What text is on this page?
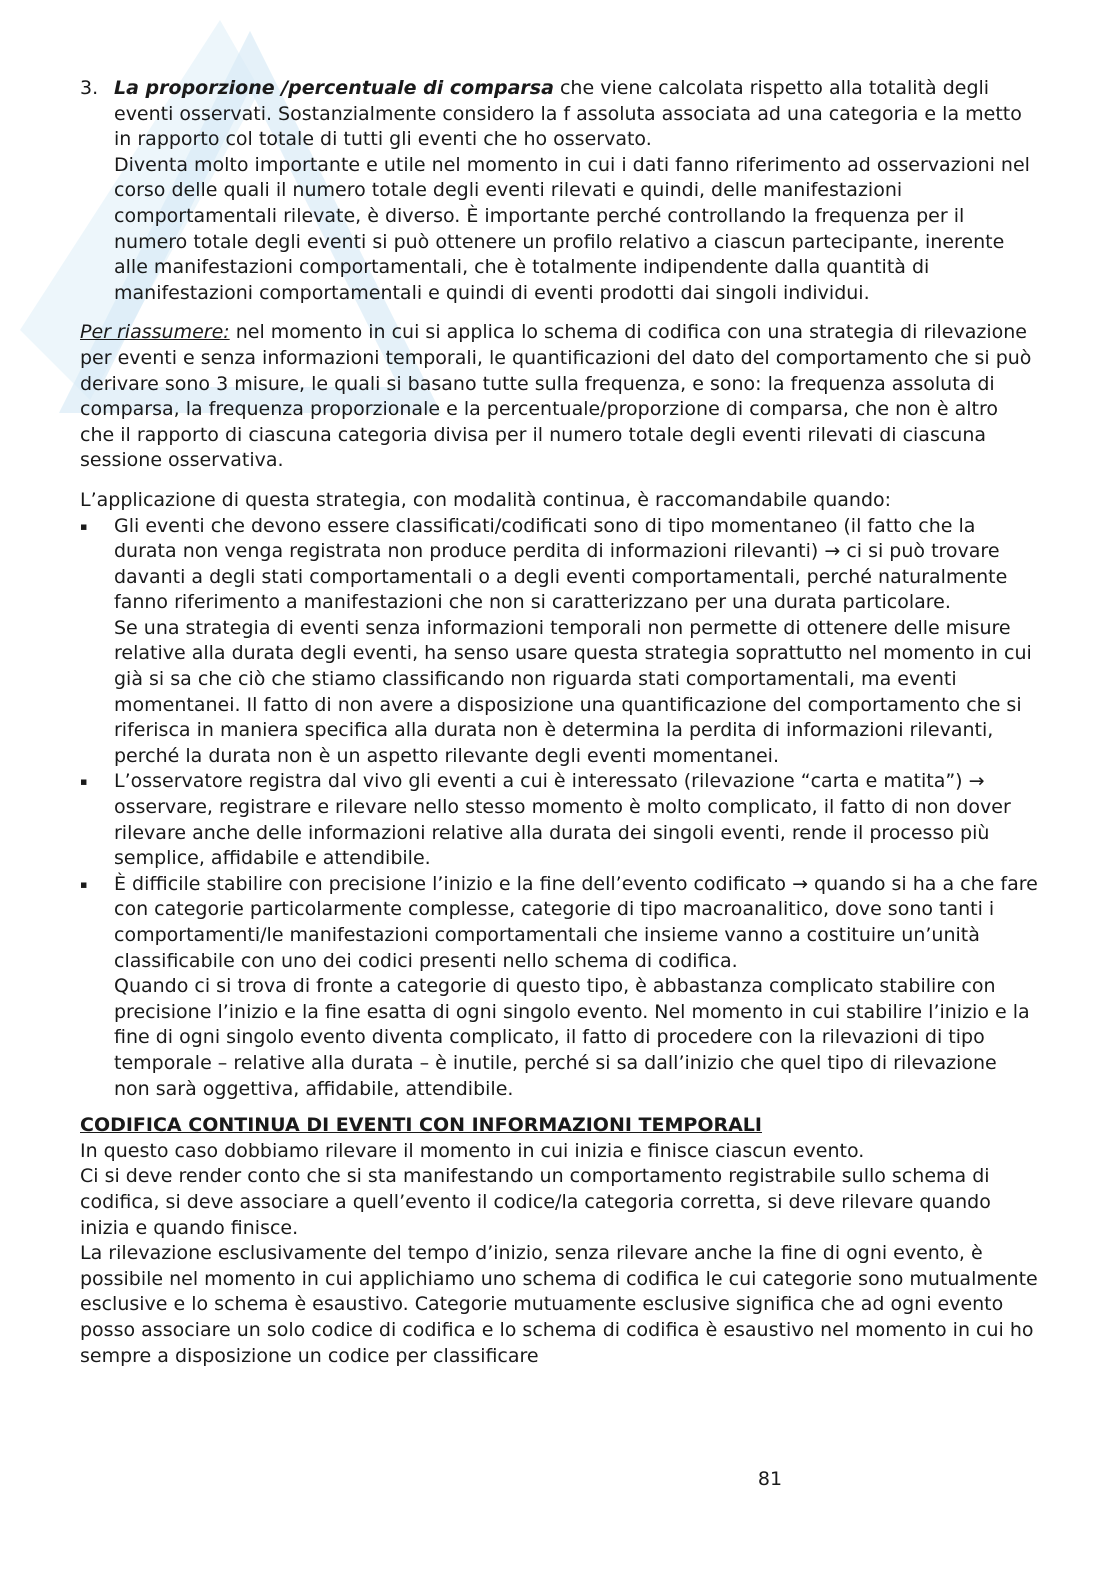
3. La proporzione /percentuale di comparsa che viene calcolata rispetto alla totalità degli eventi osservati. Sostanzialmente considero la f assoluta associata ad una categoria e la metto in rapporto col totale di tutti gli eventi che ho osservato.

Diventa molto importante e utile nel momento in cui i dati fanno riferimento ad osservazioni nel corso delle quali il numero totale degli eventi rilevati e quindi, delle manifestazioni comportamentali rilevate, è diverso. È importante perché controllando la frequenza per il numero totale degli eventi si può ottenere un profilo relativo a ciascun partecipante, inerente alle manifestazioni comportamentali, che è totalmente indipendente dalla quantità di manifestazioni comportamentali e quindi di eventi prodotti dai singoli individui.

Per riassumere: nel momento in cui si applica lo schema di codifica con una strategia di rilevazione per eventi e senza informazioni temporali, le quantificazioni del dato del comportamento che si può derivare sono 3 misure, le quali si basano tutte sulla frequenza, e sono: la frequenza assoluta di comparsa, la frequenza proporzionale e la percentuale/proporzione di comparsa, che non è altro che il rapporto di ciascuna categoria divisa per il numero totale degli eventi rilevati di ciascuna sessione osservativa.

L’applicazione di questa strategia, con modalità continua, è raccomandabile quando:

▪	Gli eventi che devono essere classificati/codificati sono di tipo momentaneo (il fatto che la durata non venga registrata non produce perdita di informazioni rilevanti) → ci si può trovare davanti a degli stati comportamentali o a degli eventi comportamentali, perché naturalmente fanno riferimento a manifestazioni che non si caratterizzano per una durata particolare.

Se una strategia di eventi senza informazioni temporali non permette di ottenere delle misure relative alla durata degli eventi, ha senso usare questa strategia soprattutto nel momento in cui già si sa che ciò che stiamo classificando non riguarda stati comportamentali, ma eventi momentanei. Il fatto di non avere a disposizione una quantificazione del comportamento che si riferisca in maniera specifica alla durata non è determina la perdita di informazioni rilevanti, perché la durata non è un aspetto rilevante degli eventi momentanei.

▪	L’osservatore registra dal vivo gli eventi a cui è interessato (rilevazione “carta e matita”) → osservare, registrare e rilevare nello stesso momento è molto complicato, il fatto di non dover rilevare anche delle informazioni relative alla durata dei singoli eventi, rende il processo più semplice, affidabile e attendibile.

▪	È difficile stabilire con precisione l’inizio e la fine dell’evento codificato → quando si ha a che fare con categorie particolarmente complesse, categorie di tipo macroanalitico, dove sono tanti i comportamenti/le manifestazioni comportamentali che insieme vanno a costituire un’unità classificabile con uno dei codici presenti nello schema di codifica.

Quando ci si trova di fronte a categorie di questo tipo, è abbastanza complicato stabilire con precisione l’inizio e la fine esatta di ogni singolo evento. Nel momento in cui stabilire l’inizio e la fine di ogni singolo evento diventa complicato, il fatto di procedere con la rilevazioni di tipo temporale – relative alla durata – è inutile, perché si sa dall’inizio che quel tipo di rilevazione non sarà oggettiva, affidabile, attendibile.

CODIFICA CONTINUA DI EVENTI CON INFORMAZIONI TEMPORALI

In questo caso dobbiamo rilevare il momento in cui inizia e finisce ciascun evento.

Ci si deve render conto che si sta manifestando un comportamento registrabile sullo schema di codifica, si deve associare a quell’evento il codice/la categoria corretta, si deve rilevare quando inizia e quando finisce.

La rilevazione esclusivamente del tempo d’inizio, senza rilevare anche la fine di ogni evento, è possibile nel momento in cui applichiamo uno schema di codifica le cui categorie sono mutualmente esclusive e lo schema è esaustivo. Categorie mutuamente esclusive significa che ad ogni evento posso associare un solo codice di codifica e lo schema di codifica è esaustivo nel momento in cui ho sempre a disposizione un codice per classificare

81
